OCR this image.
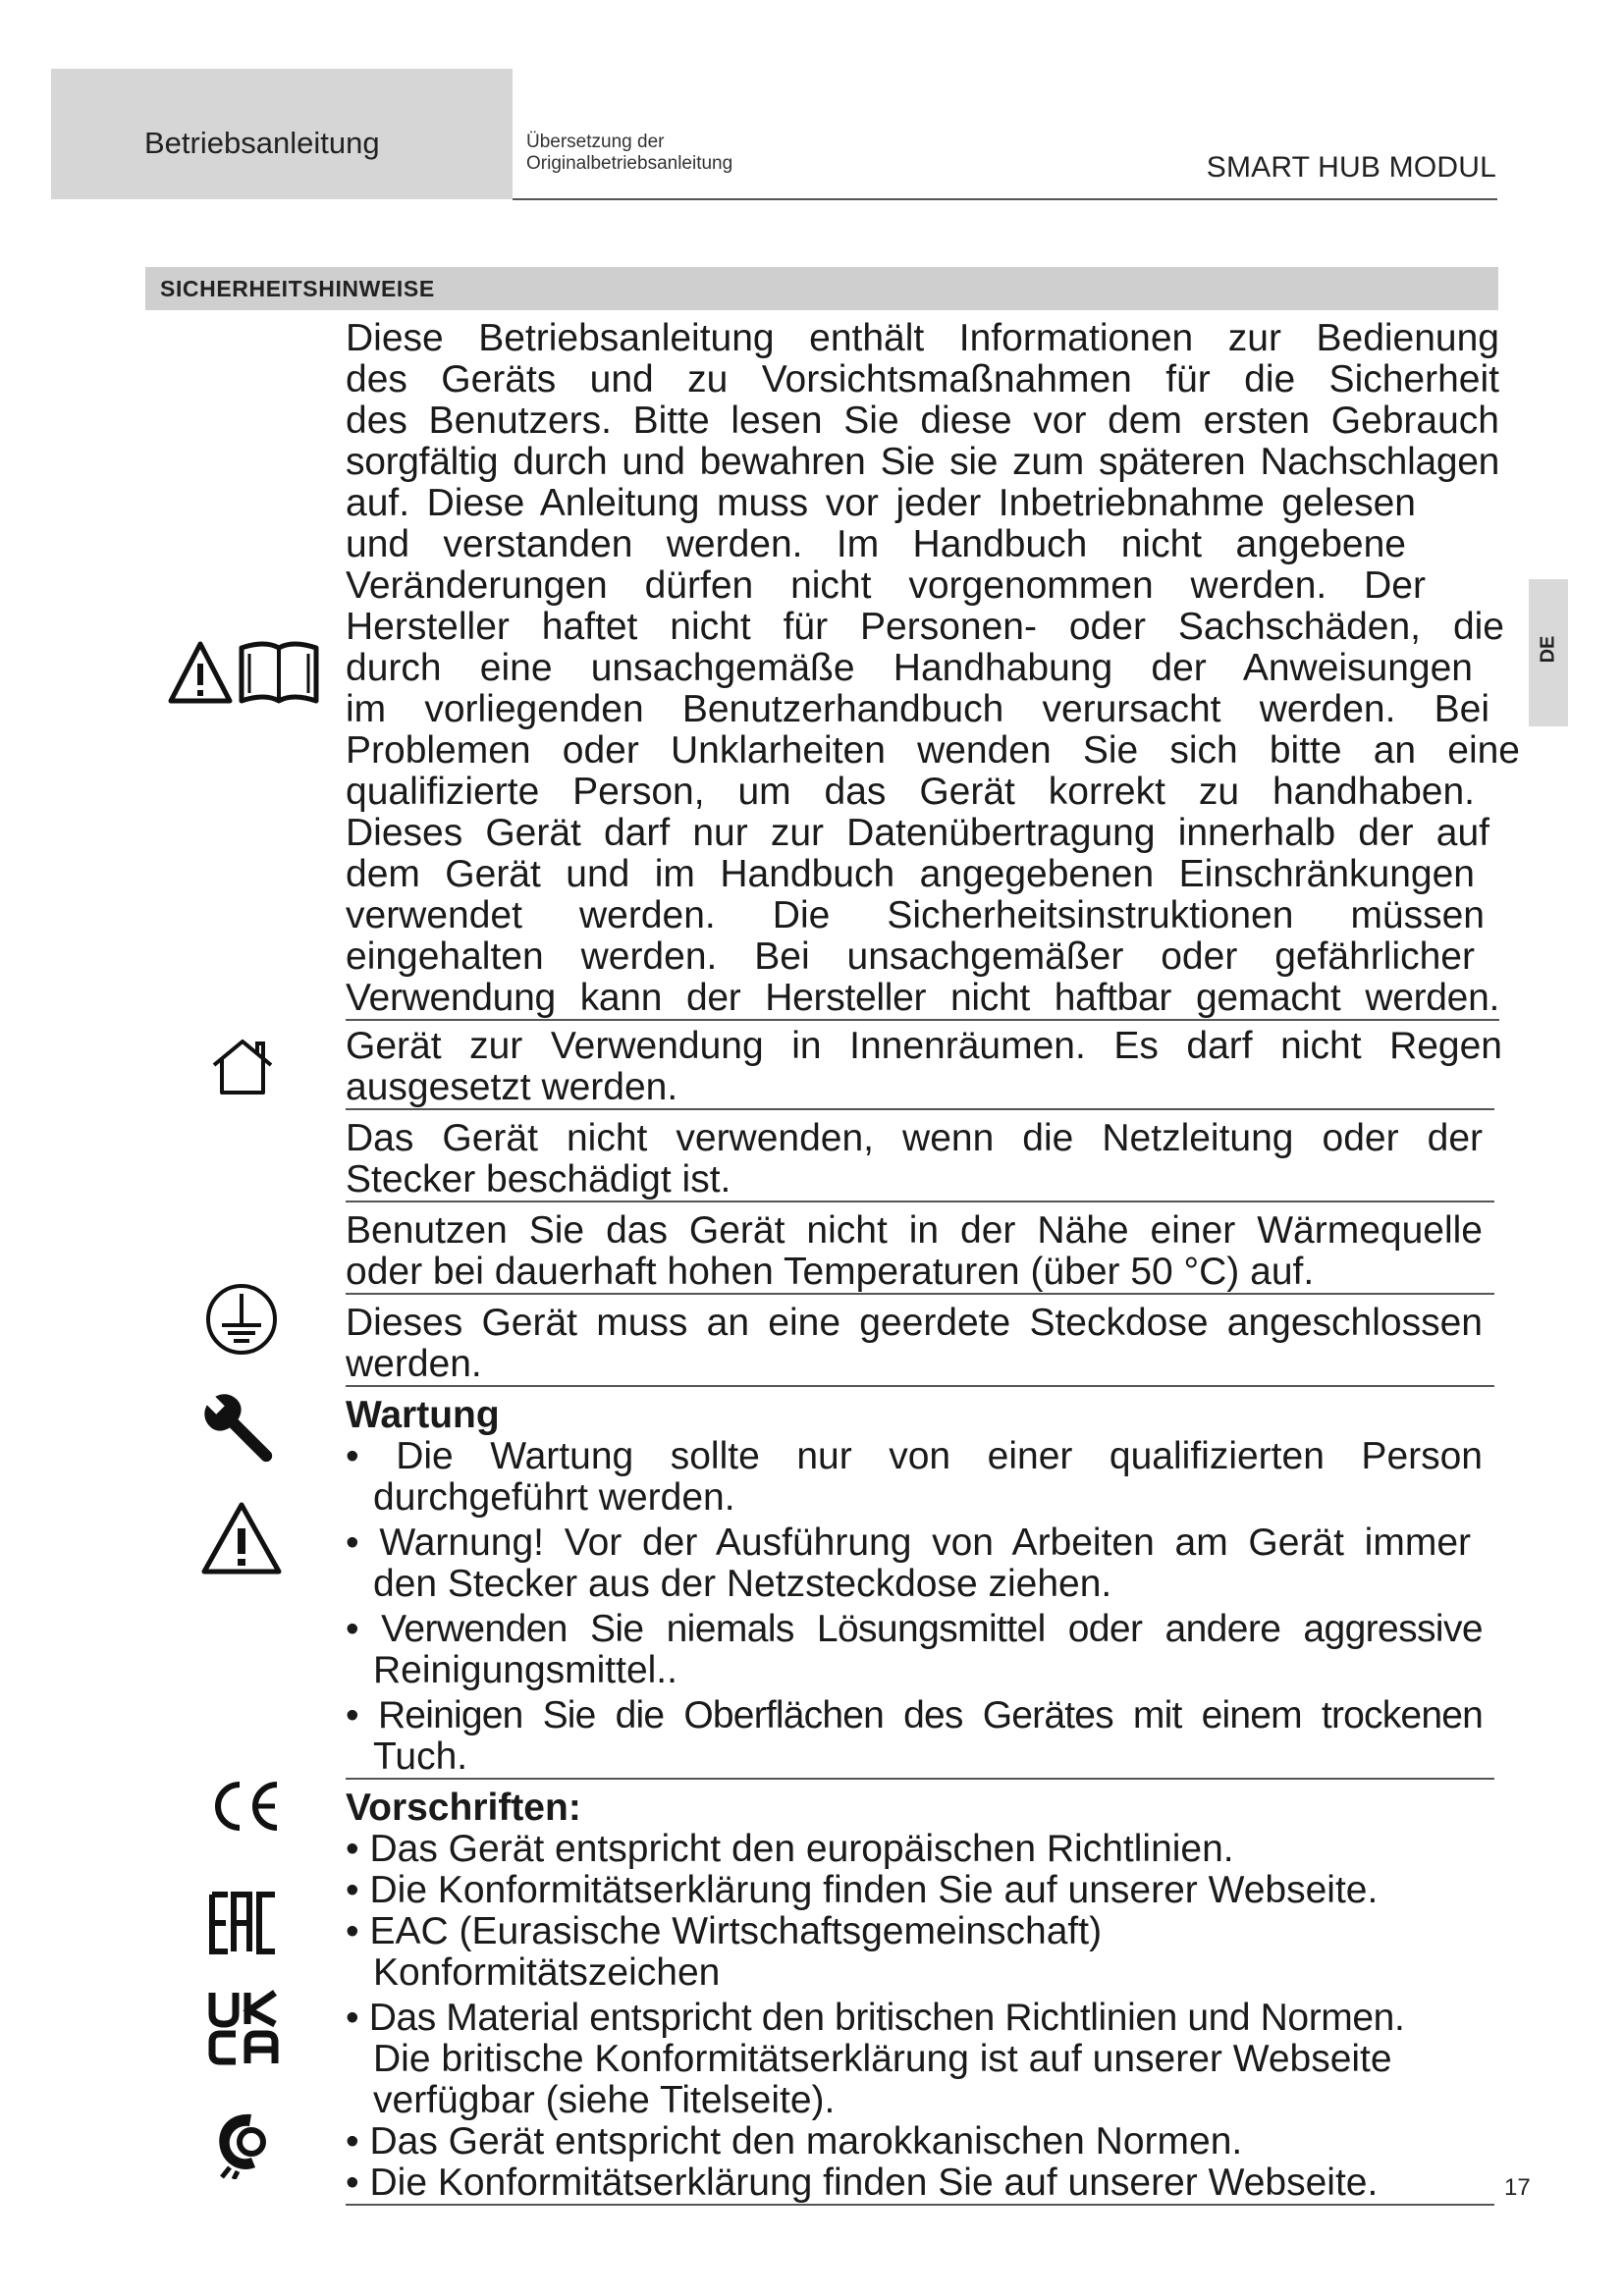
Betriebsanleitung	Übersetzung der
Originalbetriebsanleitung	SMART HUB MODUL
SICHERHEITSHINWEISE
DE

Diese Betriebsanleitung enthält Informationen zur Bedienung

des Geräts und zu Vorsichtsmaßnahmen für die Sicherheit

des Benutzers. Bitte lesen Sie diese vor dem ersten Gebrauch

sorgfältig durch und bewahren Sie sie zum späteren Nachschlagen

auf. Diese Anleitung muss vor jeder Inbetriebnahme gelesen

und verstanden werden. Im Handbuch nicht angebene

Veränderungen dürfen nicht vorgenommen werden. Der

Hersteller haftet nicht für Personen- oder Sachschäden, die

durch eine unsachgemäße Handhabung der Anweisungen

im vorliegenden Benutzerhandbuch verursacht werden. Bei

Problemen oder Unklarheiten wenden Sie sich bitte an eine

qualifizierte Person, um das Gerät korrekt zu handhaben.

Dieses Gerät darf nur zur Datenübertragung innerhalb der auf

dem Gerät und im Handbuch angegebenen Einschränkungen

verwendet werden. Die Sicherheitsinstruktionen müssen

eingehalten werden. Bei unsachgemäßer oder gefährlicher

Verwendung kann der Hersteller nicht haftbar gemacht werden.

Gerät zur Verwendung in Innenräumen. Es darf nicht Regen

ausgesetzt werden.

Das Gerät nicht verwenden, wenn die Netzleitung oder der

Stecker beschädigt ist.

Benutzen Sie das Gerät nicht in der Nähe einer Wärmequelle

oder bei dauerhaft hohen Temperaturen (über 50 °C) auf.

Dieses Gerät muss an eine geerdete Steckdose angeschlossen

werden.

Wartung

• Die Wartung sollte nur von einer qualifizierten Person

durchgeführt werden.

• Warnung! Vor der Ausführung von Arbeiten am Gerät immer

den Stecker aus der Netzsteckdose ziehen.

• Verwenden Sie niemals Lösungsmittel oder andere aggressive

Reinigungsmittel..

• Reinigen Sie die Oberflächen des Gerätes mit einem trockenen

Tuch.

Vorschriften:

• Das Gerät entspricht den europäischen Richtlinien.

• Die Konformitätserklärung finden Sie auf unserer Webseite.

• EAC (Eurasische Wirtschaftsgemeinschaft)

Konformitätszeichen

• Das Material entspricht den britischen Richtlinien und Normen.

Die britische Konformitätserklärung ist auf unserer Webseite

verfügbar (siehe Titelseite).

• Das Gerät entspricht den marokkanischen Normen.

• Die Konformitätserklärung finden Sie auf unserer Webseite.	17
